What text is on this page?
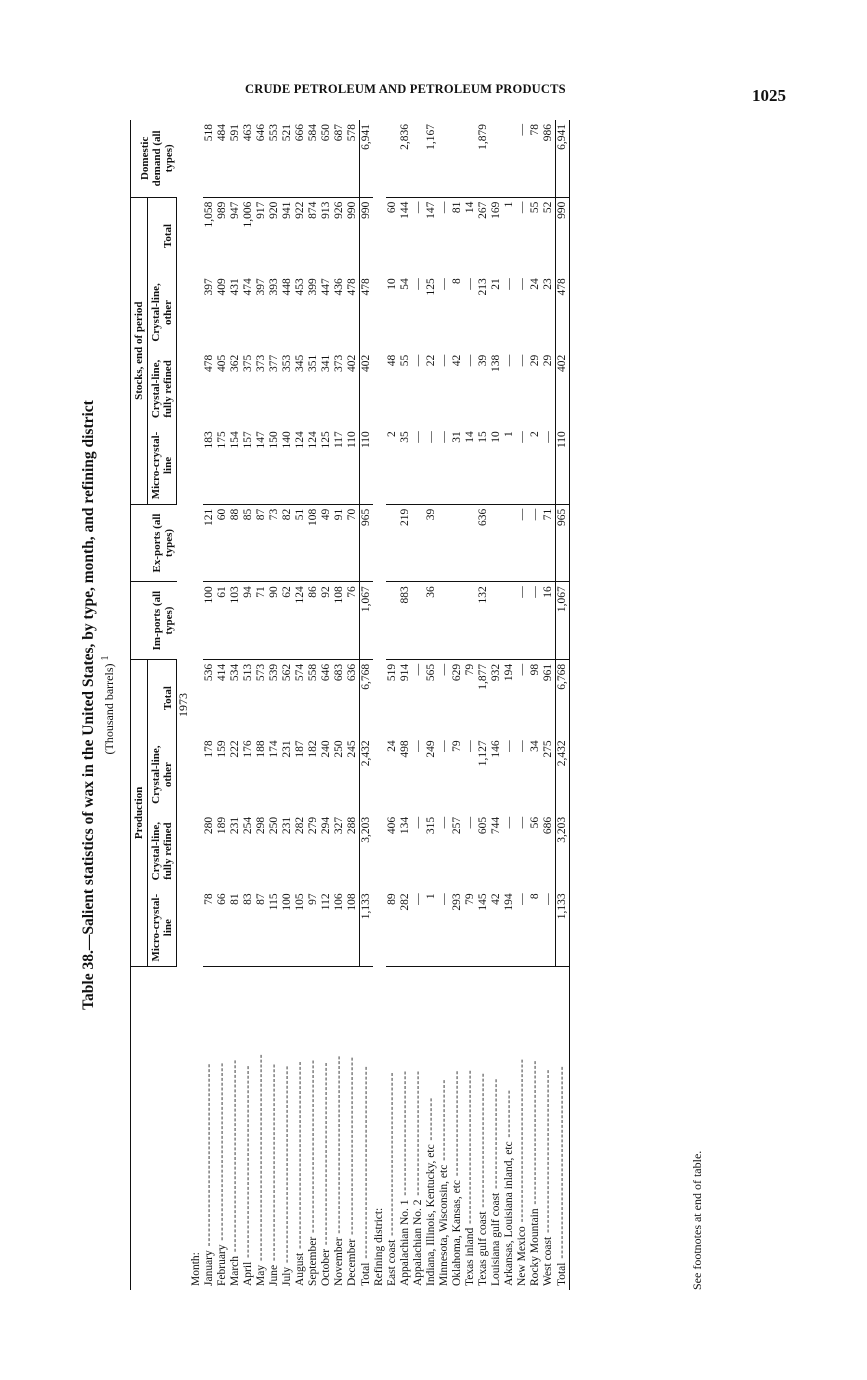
CRUDE PETROLEUM AND PETROLEUM PRODUCTS	1025
Table 38.—Salient statistics of wax in the United States, by type, month, and refining district (Thousand barrels) $^1$
	Production				Im-ports (all types)	Ex-ports (all types)	Stocks, end of period				Domestic demand (all types)
	Micro-crystal-line	Crystal-line, fully refined	Crystal-line, other	Total			Micro-crystal-line	Crystal-line, fully refined	Crystal-line, other	Total	
1973											
Month:											
January --------------------------------------	78	280	178	536	100	121	183	478	397	1,058	518
February -------------------------------------	66	189	159	414	61	60	175	405	409	989	484
March ----------------------------------------	81	231	222	534	103	88	154	362	431	947	591
April ----------------------------------------	83	254	176	513	94	85	157	375	474	1,006	463
May -------------------------------------------	87	298	188	573	71	87	147	373	397	917	646
June -----------------------------------------	115	250	174	539	90	73	150	377	393	920	553
July -----------------------------------------	100	231	231	562	62	82	140	353	448	941	521
August ---------------------------------------	105	282	187	574	124	51	124	345	453	922	666
September ------------------------------------	97	279	182	558	86	108	124	351	399	874	584
October --------------------------------------	112	294	240	646	92	49	125	341	447	913	650
November -------------------------------------	106	327	250	683	108	91	117	373	436	926	687
December -------------------------------------	108	288	245	636	76	70	110	402	478	990	578
Total ----------------------------------------	1,133	3,203	2,432	6,768	1,067	965	110	402	478	990	6,941
Refining district:											
East coast ----------------------------------	89	406	24	519			2	48	10	60	
Appalachian No. 1 --------------------------	282	134	498	914	883	219	35	55	54	144	2,836
Appalachian No. 2 --------------------------	—	—	—	—			—	—	—	—	
Indiana, Illinois, Kentucky, etc ---------	1	315	249	565	36	39	—	22	125	147	1,167
Minnesota, Wisconsin, etc -----------------	—	—	—	—			—	—	—	—	
Oklahoma, Kansas, etc ----------------------	293	257	79	629			31	42	8	81	
Texas inland --------------------------------	79	—	—	79			14	—	—	14	
Texas gulf coast ----------------------------	145	605	1,127	1,877	132	636	15	39	213	267	1,879
Louisiana gulf coast -----------------------	42	744	146	932			10	138	21	169	
Arkansas, Louisiana inland, etc ----------	194	—	—	194			1	—	—	1	
New Mexico ----------------------------------	—	—	—	—	—	—	—	—	—	—	—
Rocky Mountain ------------------------------	8	56	34	98	—	—	2	29	24	55	78
West coast ----------------------------------	—	686	275	961	16	71	—	29	23	52	986
Total ----------------------------------------	1,133	3,203	2,432	6,768	1,067	965	110	402	478	990	6,941
See footnotes at end of table.
